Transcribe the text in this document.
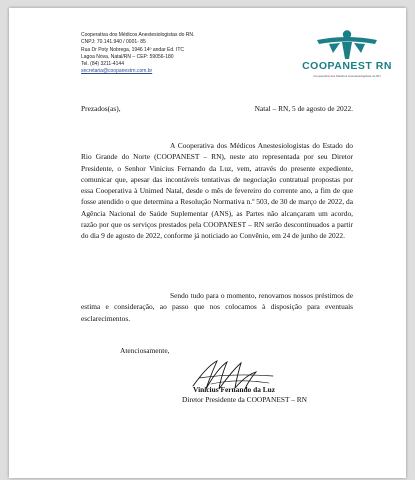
Cooperativa dos Médicos Anestesiologistas do RN.
CNPJ: 70.141.940 / 0001- 85
Rua Dr Poty Nobrega, 1946 14º andar Ed. ITC
Lagoa Nova, Natal/RN – CEP: 59056-180
Tel. (84) 3211-4144
secretaria@coopanestrn.com.br	COOPANEST RN
Cooperativa dos Médicos Anestesiologistas do RN
Prezados(as),	Natal – RN, 5 de agosto de 2022.

A Cooperativa dos Médicos Anestesiologistas do Estado do Rio Grande do Norte (COOPANEST – RN), neste ato representada por seu Diretor Presidente, o Senhor Vinicius Fernando da Luz, vem, através do presente expediente, comunicar que, apesar das incontáveis tentativas de negociação contratual propostas por essa Cooperativa à Unimed Natal, desde o mês de fevereiro do corrente ano, a fim de que fosse atendido o que determina a Resolução Normativa n.º 503, de 30 de março de 2022, da Agência Nacional de Saúde Suplementar (ANS), as Partes não alcançaram um acordo, razão por que os serviços prestados pela COOPANEST – RN serão descontinuados a partir do dia 9 de agosto de 2022, conforme já noticiado ao Convênio, em 24 de junho de 2022.

Sendo tudo para o momento, renovamos nossos préstimos de estima e consideração, ao passo que nos colocamos à disposição para eventuais esclarecimentos.

Atenciosamente,
Vinicius Fernando da Luz
Diretor Presidente da COOPANEST – RN
